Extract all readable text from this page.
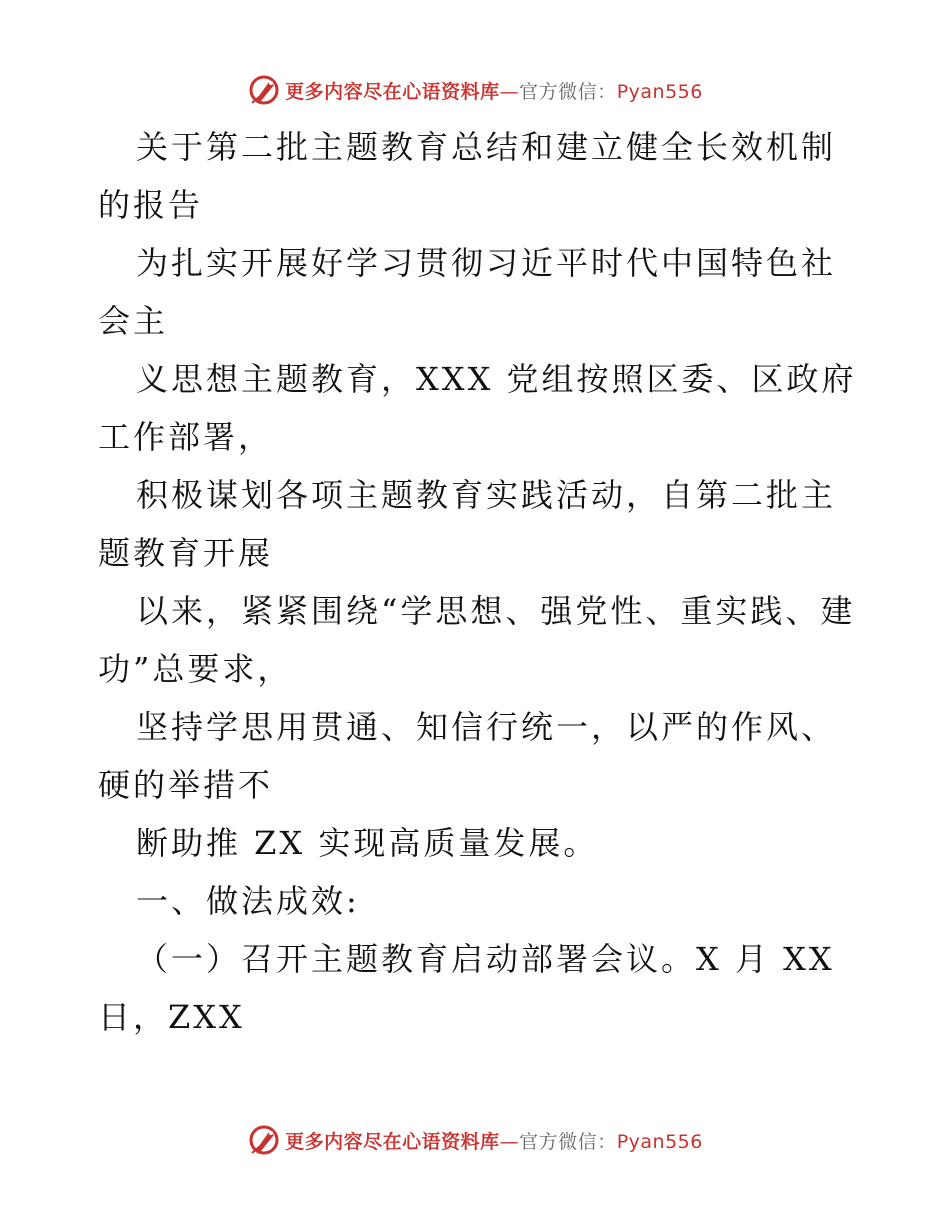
更多内容尽在心语资料库—官方微信：Pyan556

关于第二批主题教育总结和建立健全长效机制的报告

为扎实开展好学习贯彻习近平时代中国特色社会主

义思想主题教育，XXX 党组按照区委、区政府工作部署，

积极谋划各项主题教育实践活动，自第二批主题教育开展

以来，紧紧围绕“学思想、强党性、重实践、建功”总要求，

坚持学思用贯通、知信行统一，以严的作风、硬的举措不

断助推 ZX 实现高质量发展。

一、做法成效:

（一）召开主题教育启动部署会议。X 月 XX 日，ZXX

更多内容尽在心语资料库—官方微信：Pyan556
